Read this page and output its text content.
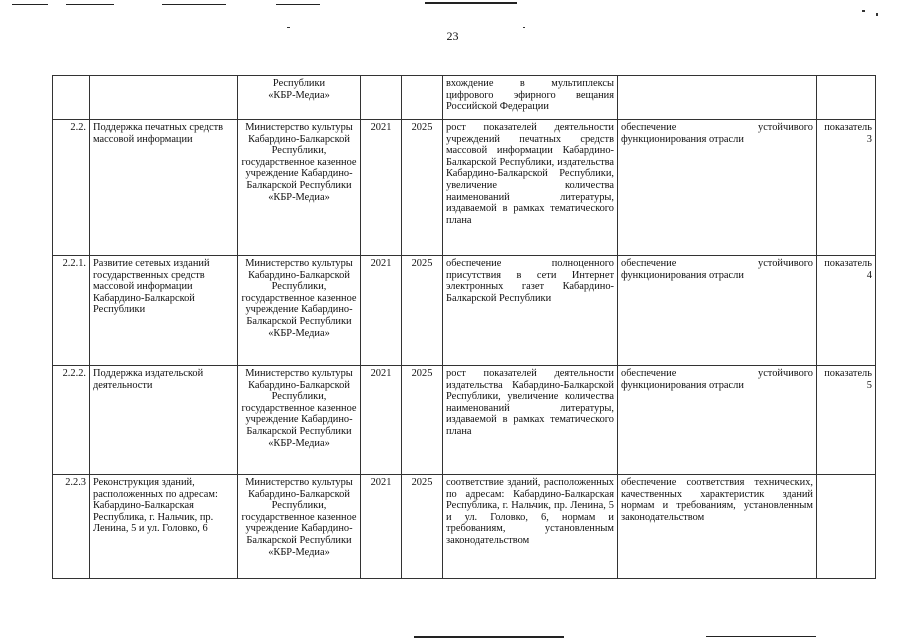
23
		Республики
«КБР-Медиа»			вхождение в мультиплексы цифрового эфирного вещания Российской Федерации		
2.2.	Поддержка печатных средств массовой информации	Министерство культуры Кабардино-Балкарской Республики, государственное казенное учреждение Кабардино-Балкарской Республики «КБР-Медиа»	2021	2025	рост показателей деятельности учреждений печатных средств массовой информации Кабардино-Балкарской Республики, издательства Кабардино-Балкарской Республики, увеличение количества наименований литературы, издаваемой в рамках тематического плана	обеспечение устойчивого функционирования отрасли	показатель 3
2.2.1.	Развитие сетевых изданий государственных средств массовой информации Кабардино-Балкарской Республики	Министерство культуры Кабардино-Балкарской Республики, государственное казенное учреждение Кабардино-Балкарской Республики «КБР-Медиа»	2021	2025	обеспечение полноценного присутствия в сети Интернет электронных газет Кабардино-Балкарской Республики	обеспечение устойчивого функционирования отрасли	показатель 4
2.2.2.	Поддержка издательской деятельности	Министерство культуры Кабардино-Балкарской Республики, государственное казенное учреждение Кабардино-Балкарской Республики «КБР-Медиа»	2021	2025	рост показателей деятельности издательства Кабардино-Балкарской Республики, увеличение количества наименований литературы, издаваемой в рамках тематического плана	обеспечение устойчивого функционирования отрасли	показатель 5
2.2.3	Реконструкция зданий, расположенных по адресам: Кабардино-Балкарская Республика, г. Нальчик, пр. Ленина, 5 и ул. Головко, 6	Министерство культуры Кабардино-Балкарской Республики, государственное казенное учреждение Кабардино-Балкарской Республики «КБР-Медиа»	2021	2025	соответствие зданий, расположенных по адресам: Кабардино-Балкарская Республика, г. Нальчик, пр. Ленина, 5 и ул. Головко, 6, нормам и требованиям, установленным законодательством	обеспечение соответствия технических, качественных характеристик зданий нормам и требованиям, установленным законодательством	
